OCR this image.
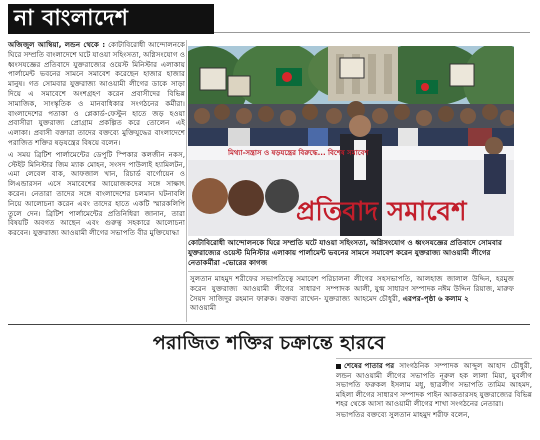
না বাংলাদেশ

অজিজুল আম্বিয়া, লন্ডন থেকে : কোটাবিরোধী আন্দোলনকে ঘিরে সম্প্রতি বাংলাদেশে ঘটে যাওয়া সহিংসতা, অগ্নিসংযোগ ও ধ্বংসযজ্ঞের প্রতিবাদে যুক্তরাজ্যের ওয়েস্ট মিনিস্টার এলাকায় পার্লামেন্ট ভবনের সামনে সমাবেশ করেছেন হাজার হাজার মানুষ। গত সোমবার যুক্তরাজ্য আওয়ামী লীগের ডাকে সাড়া দিয়ে এ সমাবেশে অংশগ্রহণ করেন প্রবাসীদের বিভিন্ন সামাজিক, সাংস্কৃতিক ও মানবাধিকার সংগঠনের কর্মীরা। বাংলাদেশের পতাকা ও প্লেকার্ড-ফেস্টুন হাতে জড় হওয়া প্রবাসীরা যুক্তরাজ্য প্রোগ্রাম প্রকল্পিত করে তোলেন এই এলাকা। প্রবাসী বক্তারা তাদের বক্তব্যে মুক্তিযুদ্ধের বাংলাদেশে পরাজিত শক্তির ষড়যন্ত্রের বিষয়ে বলেন।

এ সময় ব্রিটিশ পার্লামেন্টের ডেপুটি স্পিকার কলজীন নকস, স্টেইট মিনিস্টার জিম ম্যাক মোহন, সংসদ পাউলাই হ্যামিলটন, এমা লেবেল বাক, আফজাল খান, রিচার্ড বার্গোয়েন ও লিএন্ডারসন এসে সমাবেশের আয়োজকদের সঙ্গে সাক্ষাৎ করেন। নেতারা তাদের সঙ্গে বাংলাদেশের চলমান ঘটনাবলি নিয়ে আলোচনা করেন এবং তাদের হাতে একটি স্মারকলিপি তুলে দেন। ব্রিটিশ পার্লামেন্টের প্রতিনিধিরা জানান, তারা বিষয়টি অবগত আছেন এবং গুরুত্ব সহকারে আলোচনা করবেন। যুক্তরাজ্য আওয়ামী লীগের সভাপতি বীর মুক্তিযোদ্ধা

মিথ্যা-সন্ত্রাস ও ষড়যন্ত্রের বিরুদ্ধে... বিশেষ সমাবেশ
প্রতিবাদ সমাবেশ
কোটাবিরোধী আন্দোলনকে ঘিরে সম্প্রতি ঘটে যাওয়া সহিংসতা, অগ্নিসংযোগ ও ধ্বংসযজ্ঞের প্রতিবাদে সোমবার যুক্তরাজ্যের ওয়েস্ট মিনিস্টার এলাকায় পার্লামেন্ট ভবনের সামনে সমাবেশ করেন যুক্তরাজ্য আওয়ামী লীগের নেতাকর্মীরা -ভোরের কাগজ
সুলতান মাহমুদ শরীফের সভাপতিত্বে সমাবেশ পরিচালনা করেন যুক্তরাজ্য আওয়ামী লীগের সাধারণ সম্পাদক সৈয়দ সাজিদুর রহমান ফারুক। বক্তব্য রাখেন- যুক্তরাজ্য আওয়ামী
লীগের সহসভাপতি, আলহাজ জালাল উদ্দিন, হরমুজ আলী, যুগ্ম সাধারণ সম্পাদক নঈম উদ্দিন রিয়াজ, মারুফ আহমেদ চৌধুরী, এরপর-পৃষ্ঠা ৬ কলাম ২
পরাজিত শক্তির চক্রান্তে হারবে

শেষের পাতার পর সাংগঠনিক সম্পাদক আব্দুল আহাদ চৌধুরী, লন্ডন আওয়ামী লীগের সভাপতি নূরুল হক লালা মিয়া, যুবলীগ সভাপতি ফরুকল ইসলাম মধু, ছাত্রলীগ সভাপতি তামিম আহমদ, মহিলা লীগের সাধারণ সম্পাদক পাইন আকতারসহ যুক্তরাজ্যের বিভিন্ন শহর থেকে আসা আওয়ামী লীগের শাখা সংগঠনের নেতারা।

সভাপতির বক্তব্যে সুলতান মাহমুদ শরীফ বলেন,
